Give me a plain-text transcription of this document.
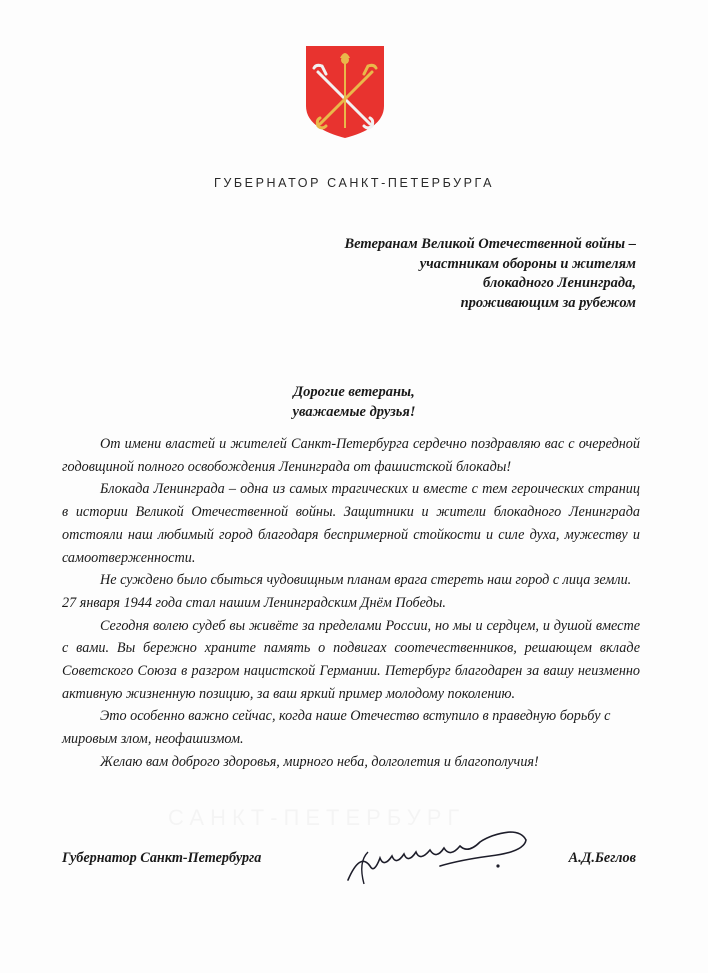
ГУБЕРНАТОР САНКТ-ПЕТЕРБУРГА
Ветеранам Великой Отечественной войны –
участникам обороны и жителям
блокадного Ленинграда,
проживающим за рубежом
Дорогие ветераны,
уважаемые друзья!

От имени властей и жителей Санкт-Петербурга сердечно поздравляю вас с очередной годовщиной полного освобождения Ленинграда от фашистской блокады!

Блокада Ленинграда – одна из самых трагических и вместе с тем героических страниц в истории Великой Отечественной войны. Защитники и жители блокадного Ленинграда отстояли наш любимый город благодаря беспримерной стойкости и силе духа, мужеству и самоотверженности.

Не суждено было сбыться чудовищным планам врага стереть наш город с лица земли. 27 января 1944 года стал нашим Ленинградским Днём Победы.

Сегодня волею судеб вы живёте за пределами России, но мы и сердцем, и душой вместе с вами. Вы бережно храните память о подвигах соотечественников, решающем вкладе Советского Союза в разгром нацистской Германии. Петербург благодарен за вашу неизменно активную жизненную позицию, за ваш яркий пример молодому поколению.

Это особенно важно сейчас, когда наше Отечество вступило в праведную борьбу с мировым злом, неофашизмом.

Желаю вам доброго здоровья, мирного неба, долголетия и благополучия!

Губернатор Санкт-Петербурга	А.Д.Беглов
